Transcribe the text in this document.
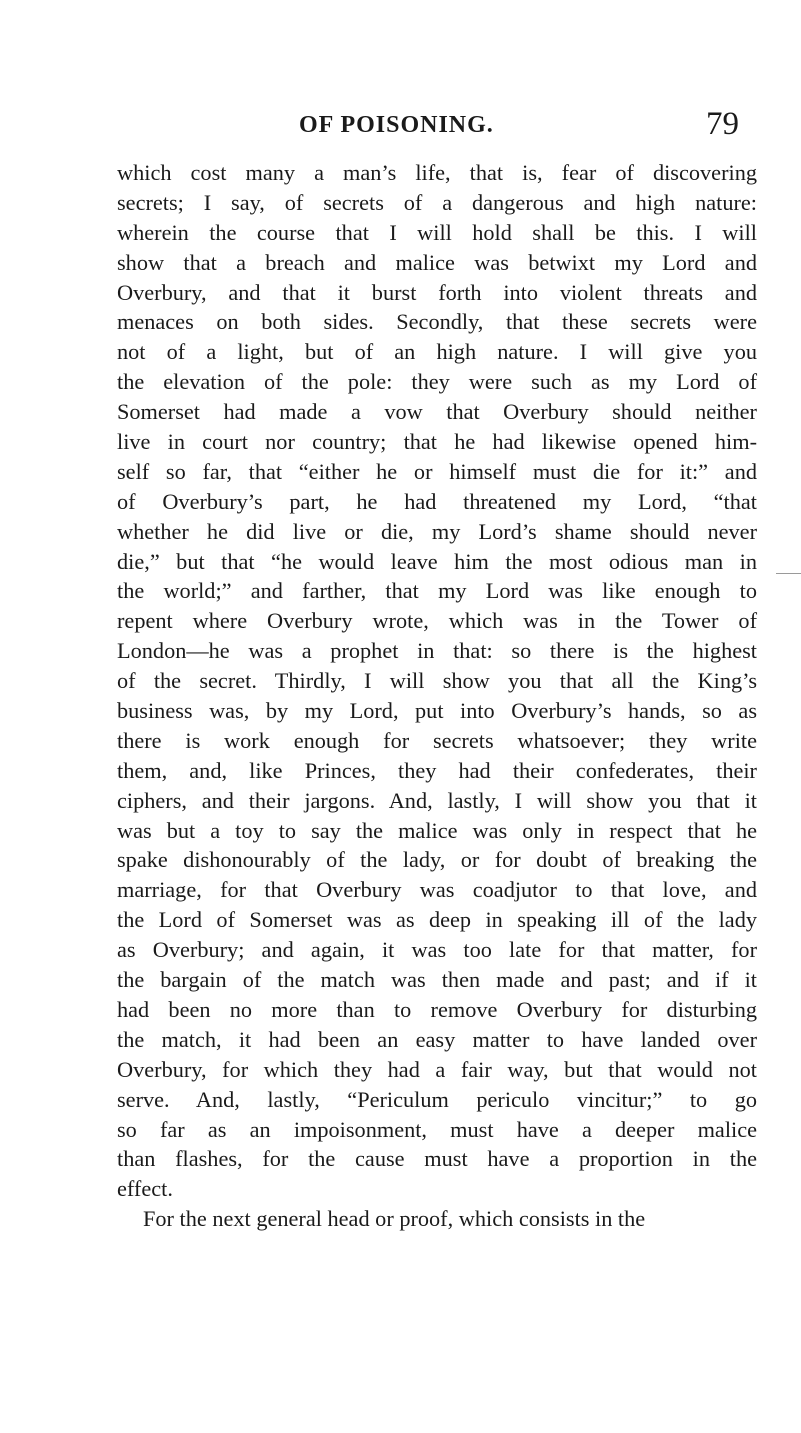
OF POISONING.	79
which cost many a man’s life, that is, fear of discovering
secrets; I say, of secrets of a dangerous and high nature:
wherein the course that I will hold shall be this. I will
show that a breach and malice was betwixt my Lord and
Overbury, and that it burst forth into violent threats and
menaces on both sides. Secondly, that these secrets were
not of a light, but of an high nature. I will give you
the elevation of the pole: they were such as my Lord of
Somerset had made a vow that Overbury should neither
live in court nor country; that he had likewise opened him-
self so far, that “either he or himself must die for it:” and
of Overbury’s part, he had threatened my Lord, “that
whether he did live or die, my Lord’s shame should never
die,” but that “he would leave him the most odious man in
the world;” and farther, that my Lord was like enough to
repent where Overbury wrote, which was in the Tower of
London—he was a prophet in that: so there is the highest
of the secret. Thirdly, I will show you that all the King’s
business was, by my Lord, put into Overbury’s hands, so as
there is work enough for secrets whatsoever; they write
them, and, like Princes, they had their confederates, their
ciphers, and their jargons. And, lastly, I will show you that it
was but a toy to say the malice was only in respect that he
spake dishonourably of the lady, or for doubt of breaking the
marriage, for that Overbury was coadjutor to that love, and
the Lord of Somerset was as deep in speaking ill of the lady
as Overbury; and again, it was too late for that matter, for
the bargain of the match was then made and past; and if it
had been no more than to remove Overbury for disturbing
the match, it had been an easy matter to have landed over
Overbury, for which they had a fair way, but that would not
serve. And, lastly, “Periculum periculo vincitur;” to go
so far as an impoisonment, must have a deeper malice
than flashes, for the cause must have a proportion in the
effect.
For the next general head or proof, which consists in the
